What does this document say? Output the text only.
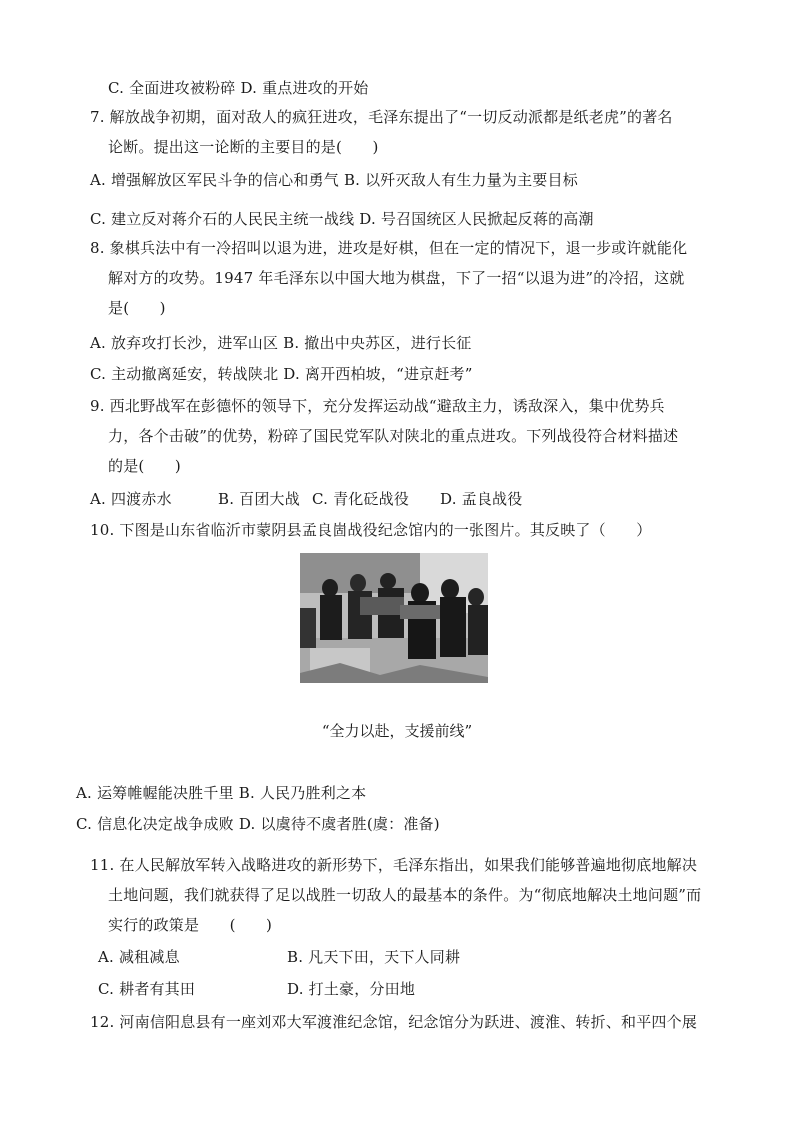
C. 全面进攻被粉碎 D. 重点进攻的开始
7. 解放战争初期，面对敌人的疯狂进攻，毛泽东提出了“一切反动派都是纸老虎”的著名
论断。提出这一论断的主要目的是(　　)
A. 增强解放区军民斗争的信心和勇气 B. 以歼灭敌人有生力量为主要目标
C. 建立反对蒋介石的人民民主统一战线 D. 号召国统区人民掀起反蒋的高潮
8. 象棋兵法中有一冷招叫以退为进，进攻是好棋，但在一定的情况下，退一步或许就能化
解对方的攻势。1947 年毛泽东以中国大地为棋盘，下了一招“以退为进”的冷招，这就
是(　　)
A. 放弃攻打长沙，进军山区 B. 撤出中央苏区，进行长征
C. 主动撤离延安，转战陕北 D. 离开西柏坡，“进京赶考”
9. 西北野战军在彭德怀的领导下，充分发挥运动战“避敌主力，诱敌深入，集中优势兵
力，各个击破”的优势，粉碎了国民党军队对陕北的重点进攻。下列战役符合材料描述
的是(　　)
A. 四渡赤水	B. 百团大战 C. 青化砭战役 D. 孟良战役
10. 下图是山东省临沂市蒙阴县孟良崮战役纪念馆内的一张图片。其反映了（　　）
“全力以赴，支援前线”
A. 运筹帷幄能决胜千里 B. 人民乃胜利之本
C. 信息化决定战争成败 D. 以虞待不虞者胜(虞：准备)
11. 在人民解放军转入战略进攻的新形势下，毛泽东指出，如果我们能够普遍地彻底地解决
土地问题，我们就获得了足以战胜一切敌人的最基本的条件。为“彻底地解决土地问题”而
实行的政策是　　(　　)
A. 减租减息	B. 凡天下田，天下人同耕
C. 耕者有其田	D. 打土豪，分田地
12. 河南信阳息县有一座刘邓大军渡淮纪念馆，纪念馆分为跃进、渡淮、转折、和平四个展
